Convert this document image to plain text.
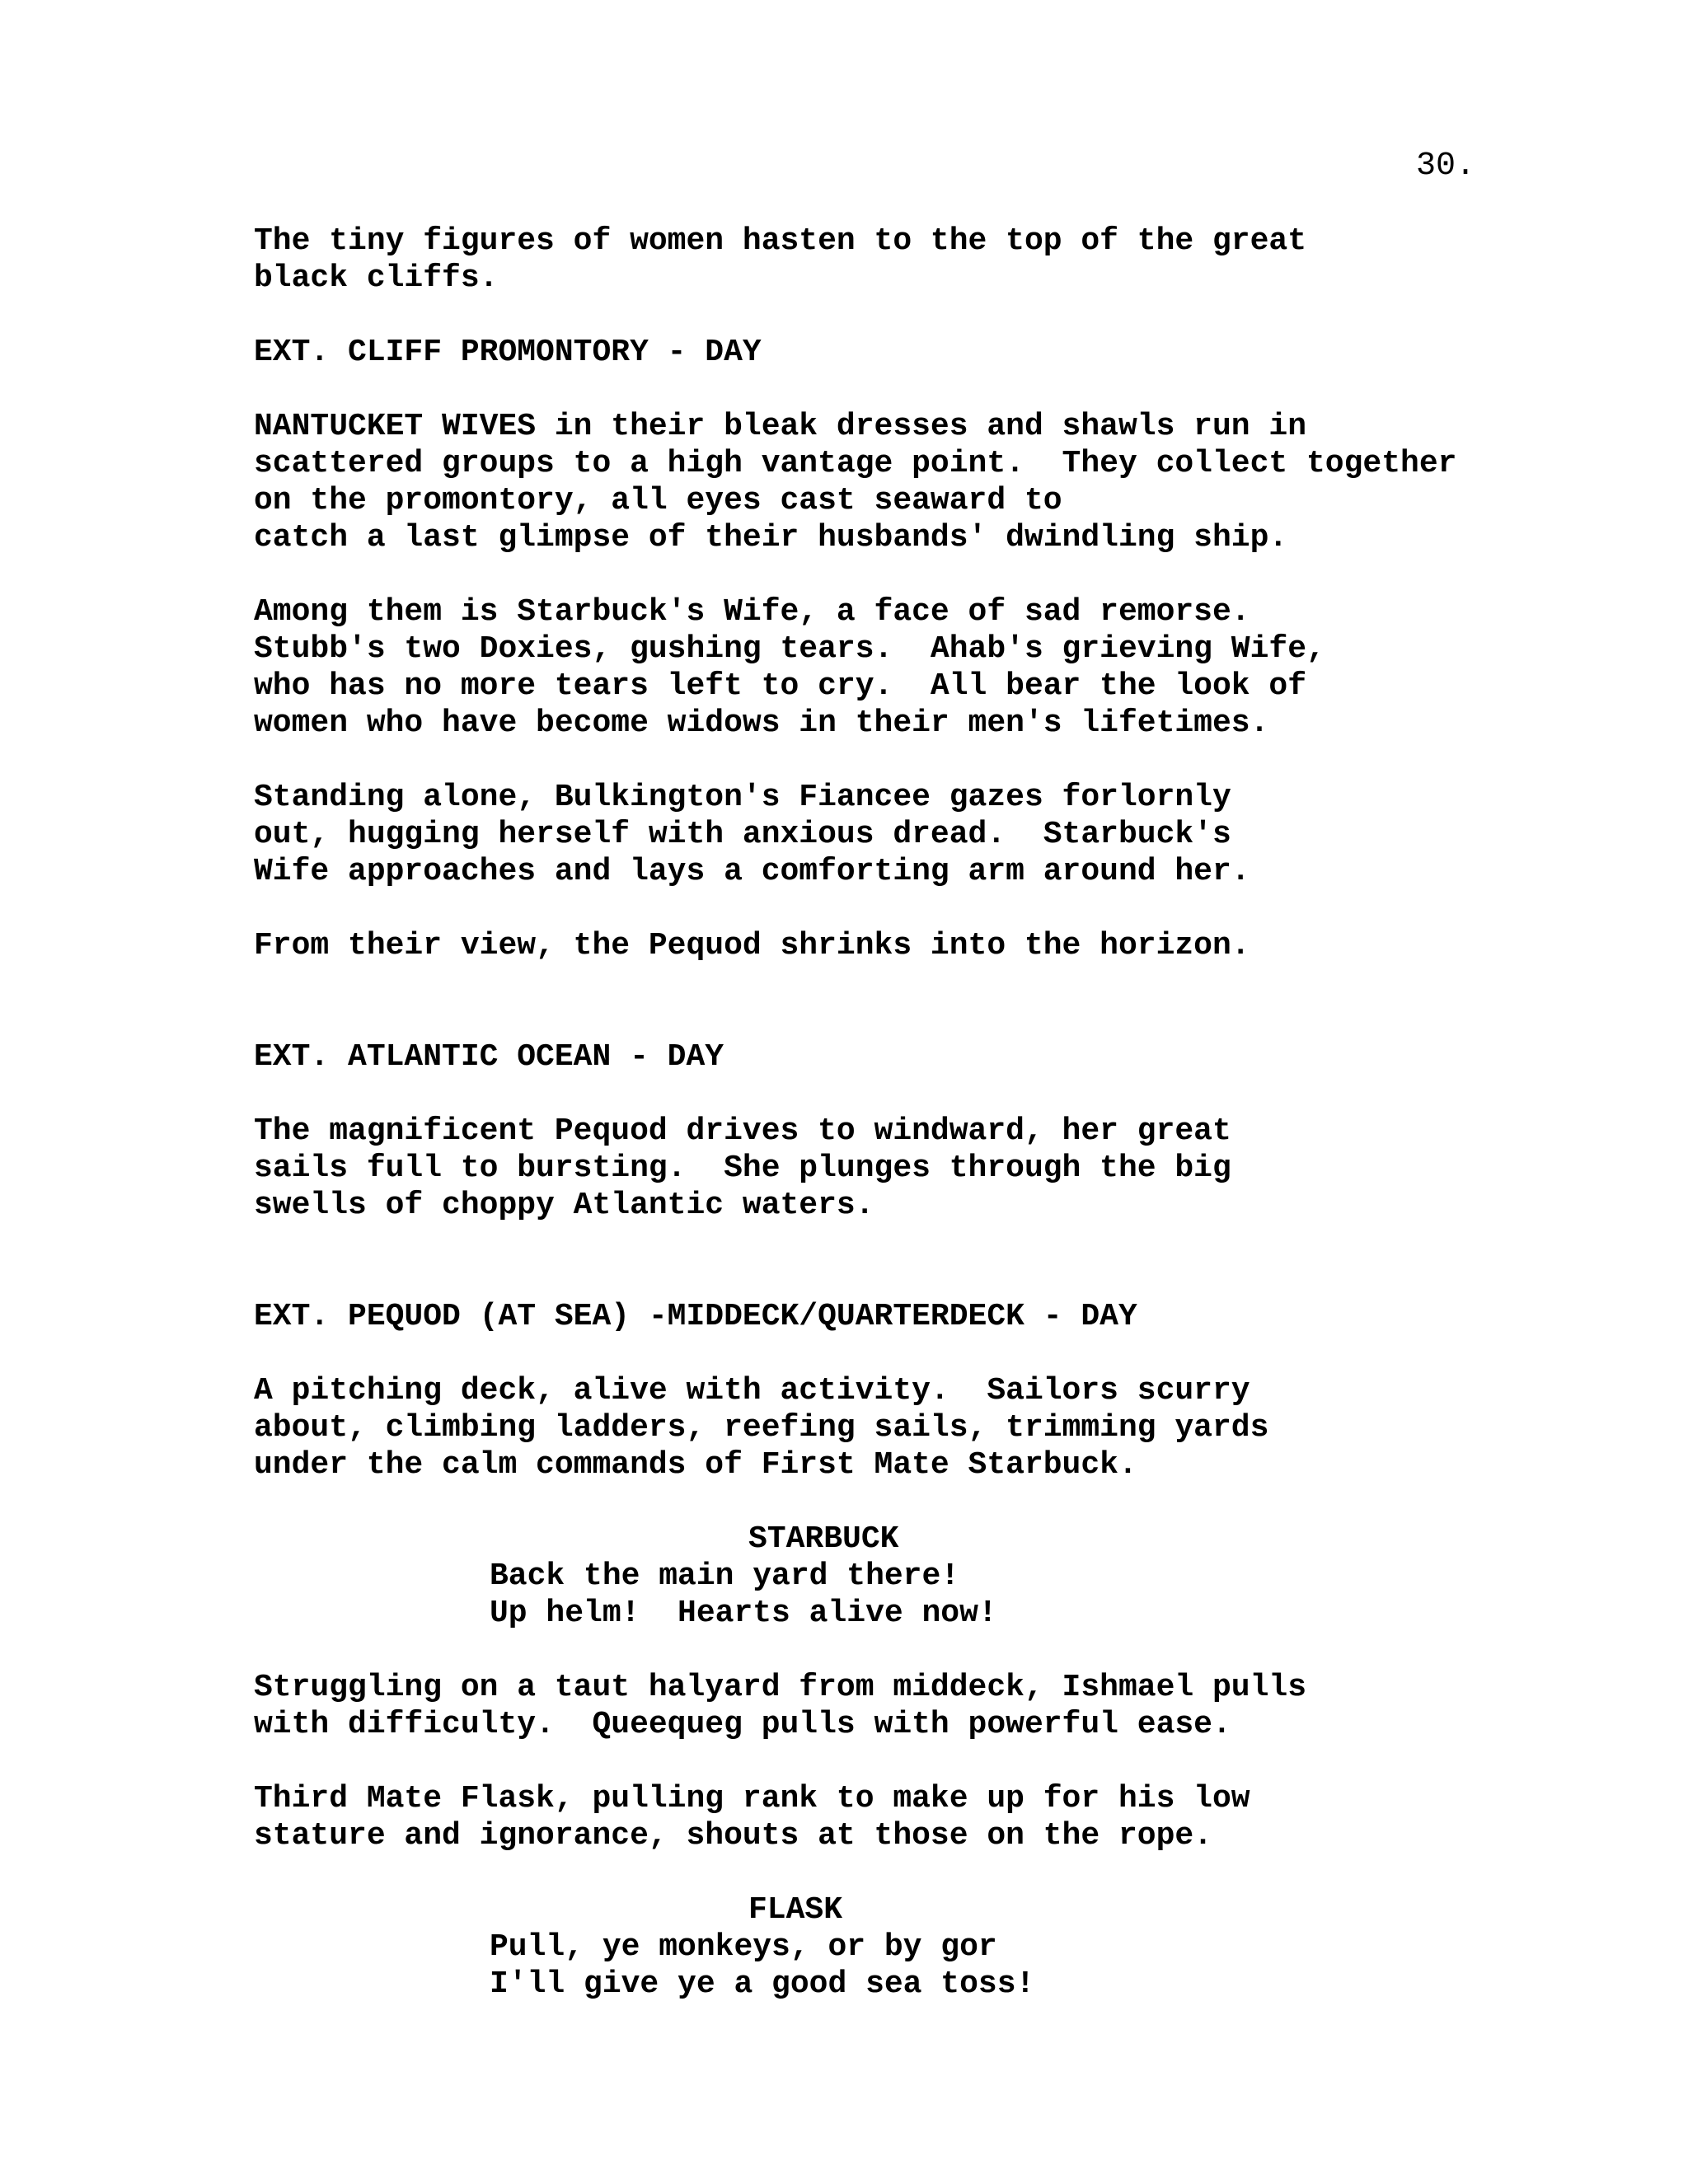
30.

The tiny figures of women hasten to the top of the great
black cliffs.

EXT. CLIFF PROMONTORY - DAY

NANTUCKET WIVES in their bleak dresses and shawls run in
scattered groups to a high vantage point.  They collect together
on the promontory, all eyes cast seaward to
catch a last glimpse of their husbands' dwindling ship.

Among them is Starbuck's Wife, a face of sad remorse.
Stubb's two Doxies, gushing tears.  Ahab's grieving Wife,
who has no more tears left to cry.  All bear the look of
women who have become widows in their men's lifetimes.

Standing alone, Bulkington's Fiancee gazes forlornly
out, hugging herself with anxious dread.  Starbuck's
Wife approaches and lays a comforting arm around her.

From their view, the Pequod shrinks into the horizon.

EXT. ATLANTIC OCEAN - DAY

The magnificent Pequod drives to windward, her great
sails full to bursting.  She plunges through the big
swells of choppy Atlantic waters.

EXT. PEQUOD (AT SEA) -MIDDECK/QUARTERDECK - DAY

A pitching deck, alive with activity.  Sailors scurry
about, climbing ladders, reefing sails, trimming yards
under the calm commands of First Mate Starbuck.

STARBUCK

Back the main yard there!
Up helm!  Hearts alive now!

Struggling on a taut halyard from middeck, Ishmael pulls
with difficulty.  Queequeg pulls with powerful ease.

Third Mate Flask, pulling rank to make up for his low
stature and ignorance, shouts at those on the rope.

FLASK

Pull, ye monkeys, or by gor
I'll give ye a good sea toss!
